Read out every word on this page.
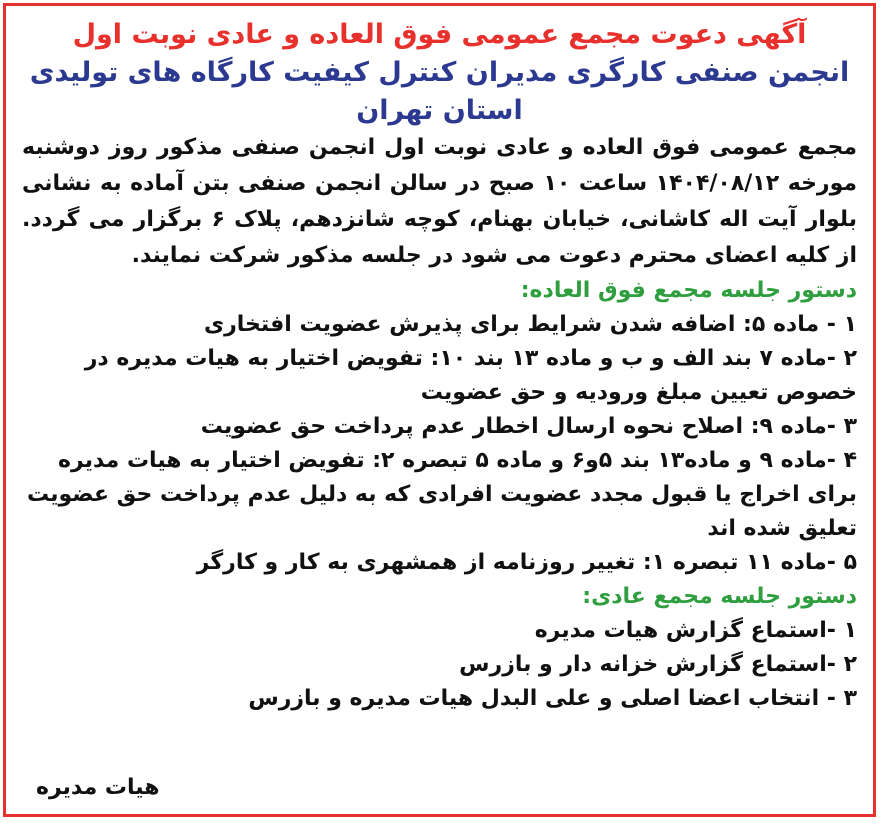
آگهی دعوت مجمع عمومی فوق العاده و عادی نوبت اول
انجمن صنفی کارگری مدیران کنترل کیفیت کارگاه های تولیدی
استان تهران

مجمع عمومی فوق العاده و عادی نوبت اول انجمن صنفی مذکور روز دوشنبه مورخه ۱۴۰۴/۰۸/۱۲ ساعت ۱۰ صبح در سالن انجمن صنفی بتن آماده به نشانی بلوار آیت اله کاشانی، خیابان بهنام، کوچه شانزدهم، پلاک ۶ برگزار می گردد. از کلیه اعضای محترم دعوت می شود در جلسه مذکور شرکت نمایند.

دستور جلسه مجمع فوق العاده:

۱ - ماده ۵: اضافه شدن شرایط برای پذیرش عضویت افتخاری
۲ -ماده ۷ بند الف و ب و ماده ۱۳ بند ۱۰: تفویض اختیار به هیات مدیره در خصوص تعیین مبلغ ورودیه و حق عضویت
۳ -ماده ۹: اصلاح نحوه ارسال اخطار عدم پرداخت حق عضویت
۴ -ماده ۹ و ماده۱۳ بند ۵و۶ و ماده ۵ تبصره ۲: تفویض اختیار به هیات مدیره برای اخراج یا قبول مجدد عضویت افرادی که به دلیل عدم پرداخت حق عضویت تعلیق شده اند
۵ -ماده ۱۱ تبصره ۱: تغییر روزنامه از همشهری به کار و کارگر

دستور جلسه مجمع عادی:

۱ -استماع گزارش هیات مدیره
۲ -استماع گزارش خزانه دار و بازرس
۳ - انتخاب اعضا اصلی و علی البدل هیات مدیره و بازرس
هیات مدیره
